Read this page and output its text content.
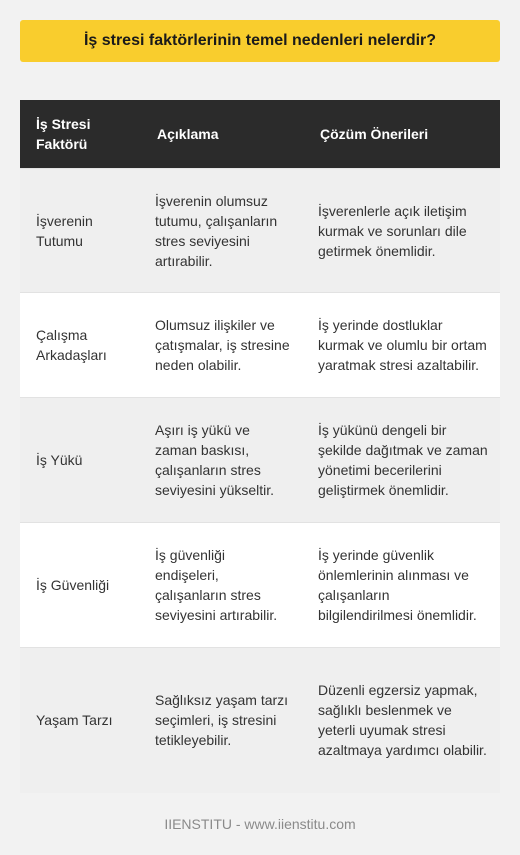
İş stresi faktörlerinin temel nedenleri nelerdir?
İş Stresi Faktörü	Açıklama	Çözüm Önerileri
İşverenin Tutumu	İşverenin olumsuz tutumu, çalışanların stres seviyesini artırabilir.	İşverenlerle açık iletişim kurmak ve sorunları dile getirmek önemlidir.
Çalışma Arkadaşları	Olumsuz ilişkiler ve çatışmalar, iş stresine neden olabilir.	İş yerinde dostluklar kurmak ve olumlu bir ortam yaratmak stresi azaltabilir.
İş Yükü	Aşırı iş yükü ve zaman baskısı, çalışanların stres seviyesini yükseltir.	İş yükünü dengeli bir şekilde dağıtmak ve zaman yönetimi becerilerini geliştirmek önemlidir.
İş Güvenliği	İş güvenliği endişeleri, çalışanların stres seviyesini artırabilir.	İş yerinde güvenlik önlemlerinin alınması ve çalışanların bilgilendirilmesi önemlidir.
Yaşam Tarzı	Sağlıksız yaşam tarzı seçimleri, iş stresini tetikleyebilir.	Düzenli egzersiz yapmak, sağlıklı beslenmek ve yeterli uyumak stresi azaltmaya yardımcı olabilir.
IIENSTITU - www.iienstitu.com
